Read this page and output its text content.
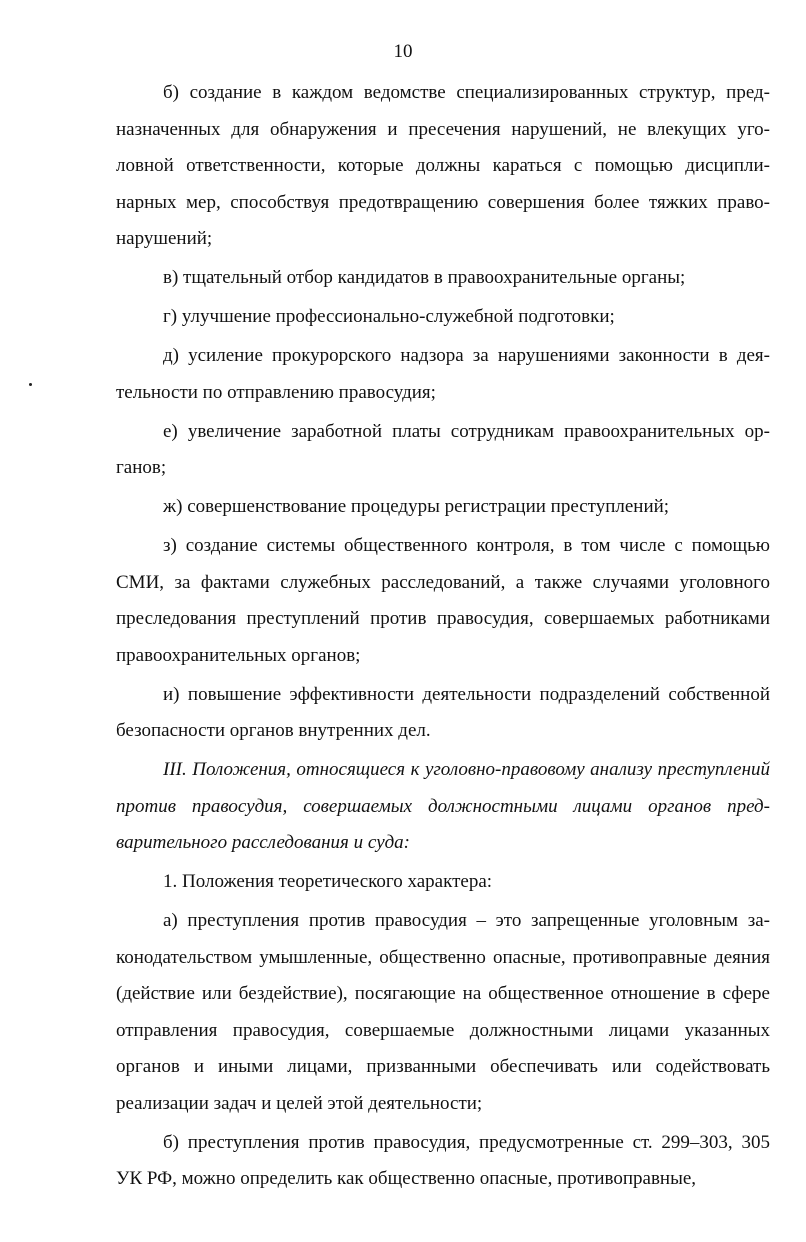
10

б) создание в каждом ведомстве специализированных структур, предназначенных для обнаружения и пресечения нарушений, не влекущих уголовной ответственности, которые должны караться с помощью дисциплинарных мер, способствуя предотвращению совершения более тяжких правонарушений;

в) тщательный отбор кандидатов в правоохранительные органы;

г) улучшение профессионально-служебной подготовки;

д) усиление прокурорского надзора за нарушениями законности в деятельности по отправлению правосудия;

е) увеличение заработной платы сотрудникам правоохранительных органов;

ж) совершенствование процедуры регистрации преступлений;

з) создание системы общественного контроля, в том числе с помощью СМИ, за фактами служебных расследований, а также случаями уголовного преследования преступлений против правосудия, совершаемых работниками правоохранительных органов;

и) повышение эффективности деятельности подразделений собственной безопасности органов внутренних дел.

III. Положения, относящиеся к уголовно-правовому анализу преступлений против правосудия, совершаемых должностными лицами органов предварительного расследования и суда:

1. Положения теоретического характера:

а) преступления против правосудия – это запрещенные уголовным законодательством умышленные, общественно опасные, противоправные деяния (действие или бездействие), посягающие на общественное отношение в сфере отправления правосудия, совершаемые должностными лицами указанных органов и иными лицами, призванными обеспечивать или содействовать реализации задач и целей этой деятельности;

б) преступления против правосудия, предусмотренные ст. 299–303, 305 УК РФ, можно определить как общественно опасные, противоправные,
